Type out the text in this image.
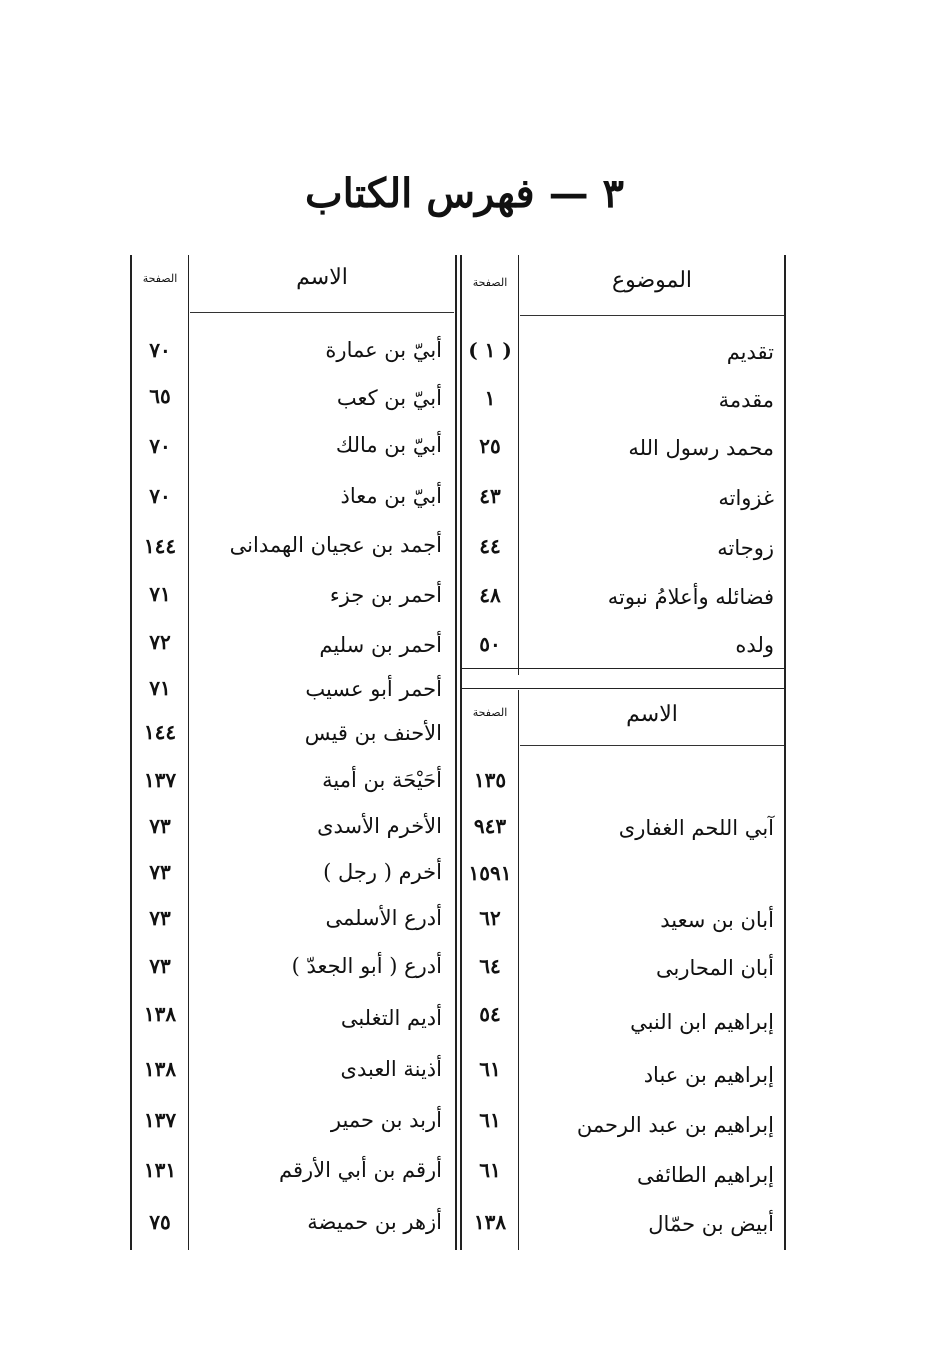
٣ — فهرس الكتاب
الموضوع
الصفحة
الاسم
الصفحة
الاسم
الصفحة
تقديم
( ١ )
مقدمة
١
محمد رسول الله
٢٥
غزواته
٤٣
زوجاته
٤٤
فضائله وأعلامُ نبوته
٤٨
ولده
٥٠
١٣٥
آبي اللحم الغفارى
٩٤٣
١٥٩١
أبان بن سعيد
٦٢
أبان المحاربى
٦٤
إبراهيم ابن النبي
٥٤
إبراهيم بن عباد
٦١
إبراهيم بن عبد الرحمن
٦١
إبراهيم الطائفى
٦١
أبيض بن حمّال
١٣٨
أبيّ بن عمارة
٧٠
أبيّ بن كعب
٦٥
أبيّ بن مالك
٧٠
أبيّ بن معاذ
٧٠
أجمد بن عجيان الهمدانى
١٤٤
أحمر بن جزء
٧١
أحمر بن سليم
٧٢
أحمر أبو عسيب
٧١
الأحنف بن قيس
١٤٤
أحَيْحَة بن أمية
١٣٧
الأخرم الأسدى
٧٣
أخرم ( رجل )
٧٣
أدرع الأسلمى
٧٣
أدرع ( أبو الجعدّ )
٧٣
أديم التغلبى
١٣٨
أذينة العبدى
١٣٨
أربد بن حمير
١٣٧
أرقم بن أبي الأرقم
١٣١
أزهر بن حميضة
٧٥
